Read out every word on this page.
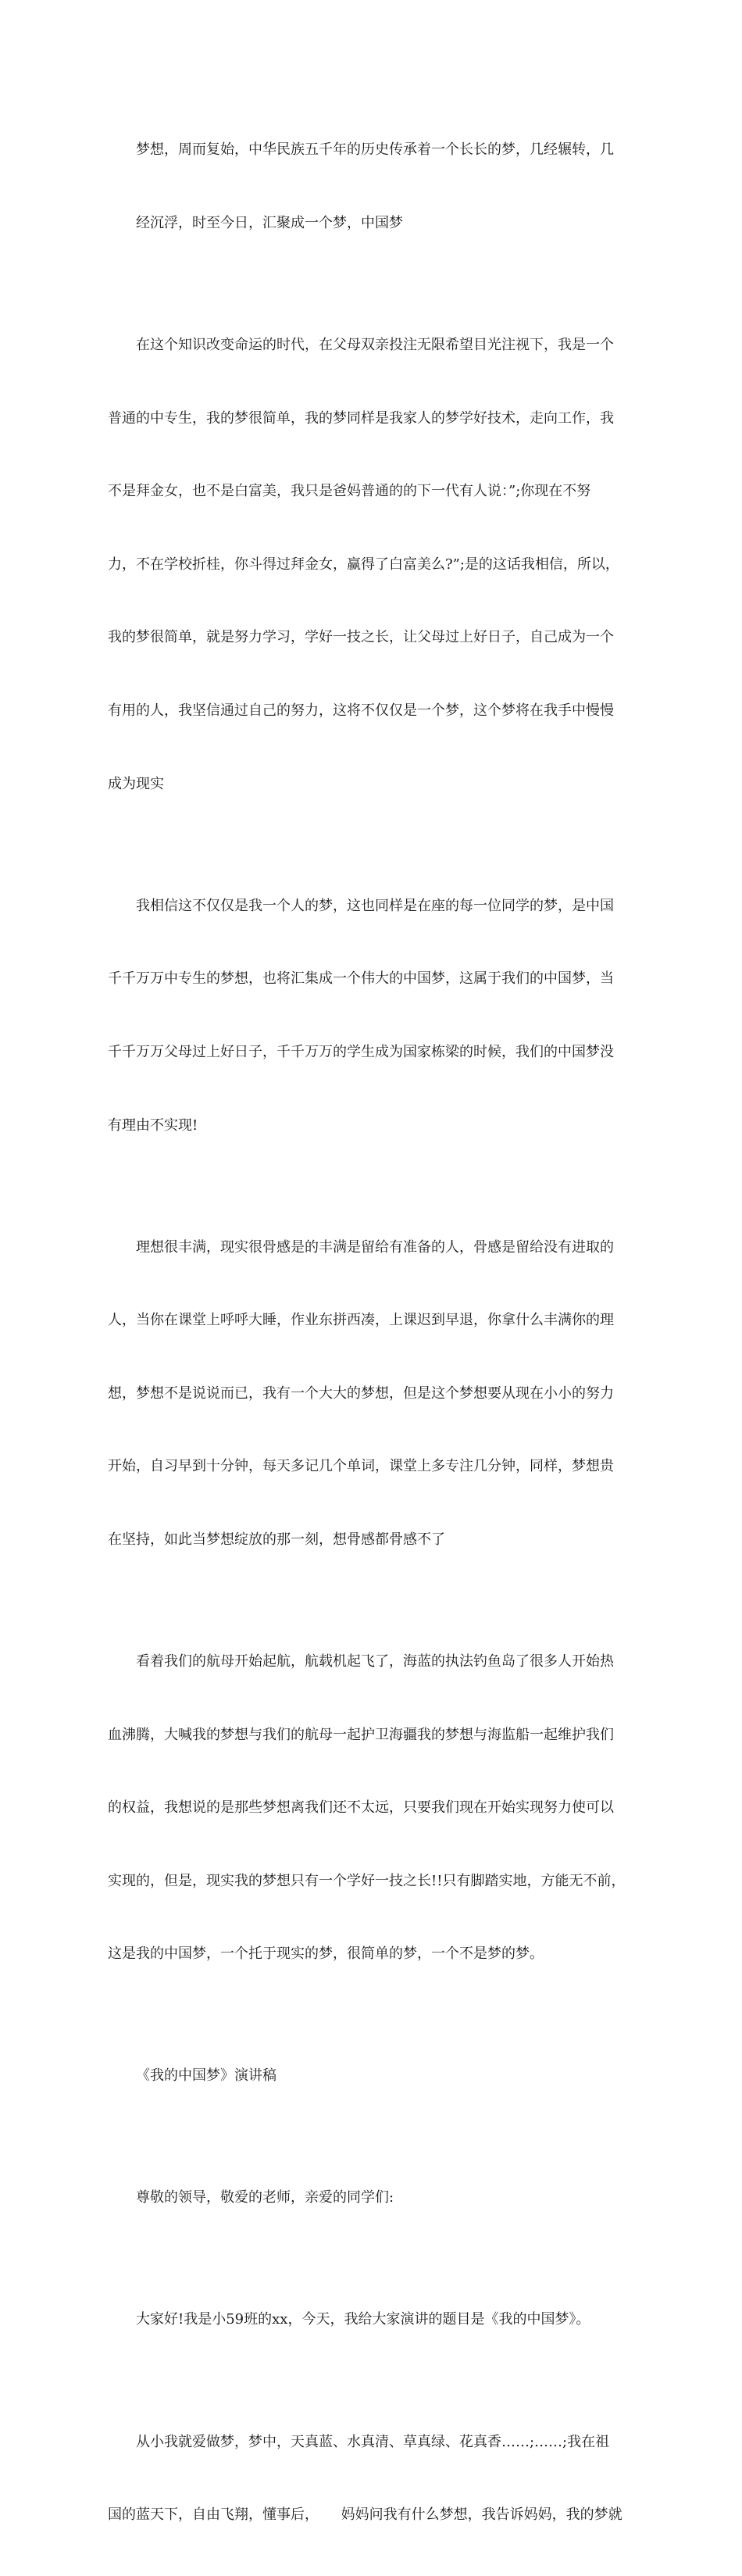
梦想，周而复始，中华民族五千年的历史传承着一个长长的梦，几经辗转，几

经沉浮，时至今日，汇聚成一个梦，中国梦

在这个知识改变命运的时代，在父母双亲投注无限希望目光注视下，我是一个

普通的中专生，我的梦很简单，我的梦同样是我家人的梦学好技术，走向工作，我

不是拜金女，也不是白富美，我只是爸妈普通的的下一代有人说：”;你现在不努

力，不在学校折桂，你斗得过拜金女，赢得了白富美么?”;是的这话我相信，所以，

我的梦很简单，就是努力学习，学好一技之长，让父母过上好日子，自己成为一个

有用的人，我坚信通过自己的努力，这将不仅仅是一个梦，这个梦将在我手中慢慢

成为现实

我相信这不仅仅是我一个人的梦，这也同样是在座的每一位同学的梦，是中国

千千万万中专生的梦想，也将汇集成一个伟大的中国梦，这属于我们的中国梦，当

千千万万父母过上好日子，千千万万的学生成为国家栋梁的时候，我们的中国梦没

有理由不实现!

理想很丰满，现实很骨感是的丰满是留给有准备的人，骨感是留给没有进取的

人，当你在课堂上呼呼大睡，作业东拼西凑，上课迟到早退，你拿什么丰满你的理

想，梦想不是说说而已，我有一个大大的梦想，但是这个梦想要从现在小小的努力

开始，自习早到十分钟，每天多记几个单词，课堂上多专注几分钟，同样，梦想贵

在坚持，如此当梦想绽放的那一刻，想骨感都骨感不了

看着我们的航母开始起航，航载机起飞了，海蓝的执法钓鱼岛了很多人开始热

血沸腾，大喊我的梦想与我们的航母一起护卫海疆我的梦想与海监船一起维护我们

的权益，我想说的是那些梦想离我们还不太远，只要我们现在开始实现努力使可以

实现的，但是，现实我的梦想只有一个学好一技之长!!只有脚踏实地，方能无不前，

这是我的中国梦，一个托于现实的梦，很简单的梦，一个不是梦的梦。

《我的中国梦》演讲稿

尊敬的领导，敬爱的老师，亲爱的同学们:

大家好!我是小59班的xx，今天，我给大家演讲的题目是《我的中国梦》。

从小我就爱做梦，梦中，天真蓝、水真清、草真绿、花真香……;……;我在祖

国的蓝天下，自由飞翔，懂事后，     妈妈问我有什么梦想，我告诉妈妈，我的梦就
